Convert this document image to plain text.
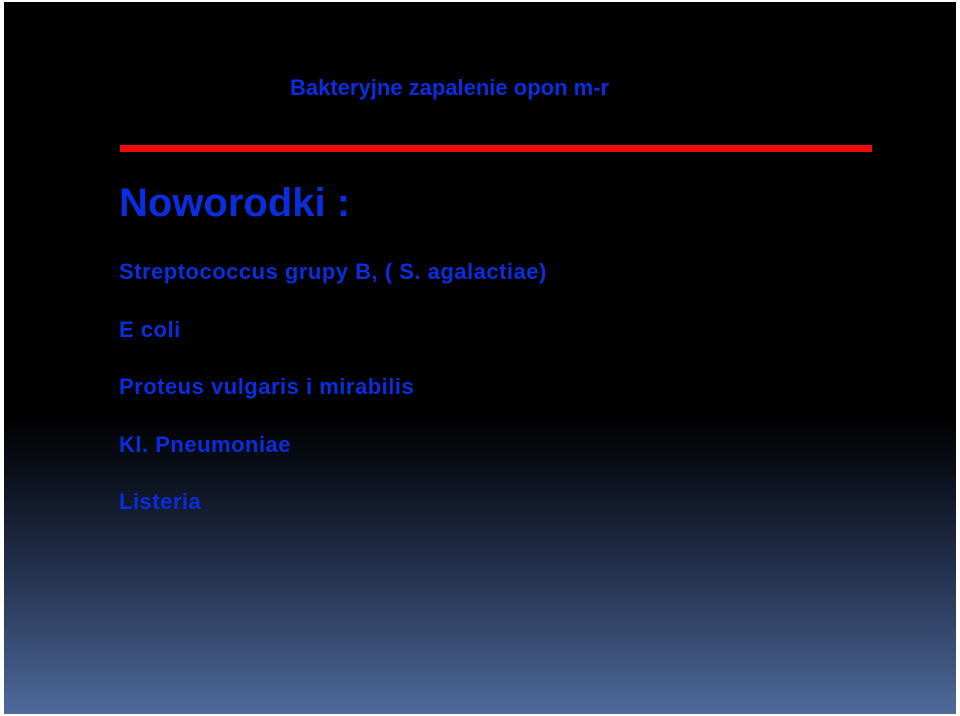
Bakteryjne zapalenie opon m-r
Noworodki :
Streptococcus grupy B, ( S. agalactiae)
E coli
Proteus vulgaris i mirabilis
Kl. Pneumoniae
Listeria
